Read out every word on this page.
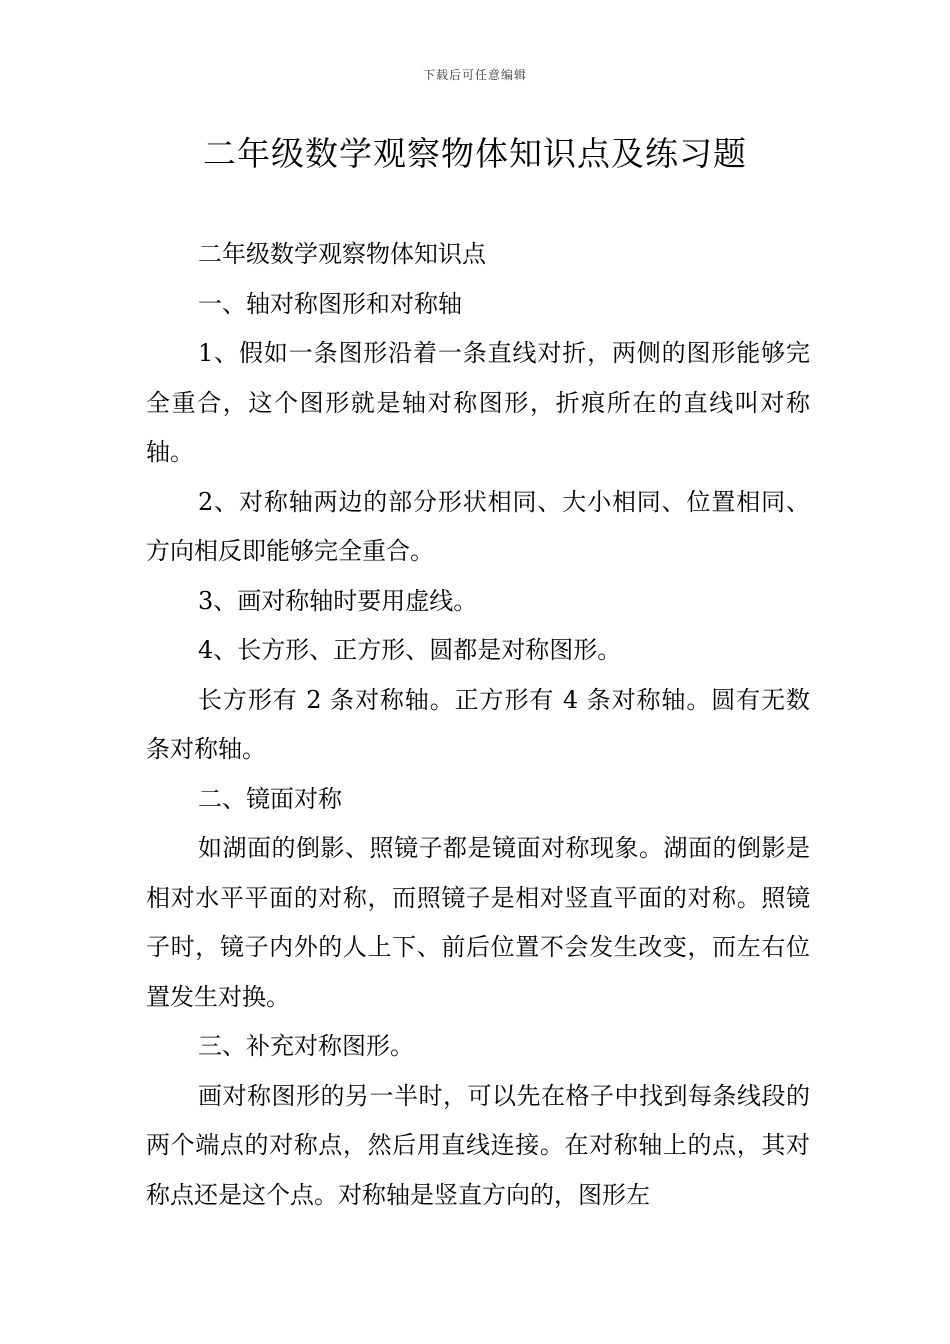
下载后可任意编辑
二年级数学观察物体知识点及练习题

二年级数学观察物体知识点

一、轴对称图形和对称轴

1、假如一条图形沿着一条直线对折，两侧的图形能够完全重合，这个图形就是轴对称图形，折痕所在的直线叫对称轴。

2、对称轴两边的部分形状相同、大小相同、位置相同、方向相反即能够完全重合。

3、画对称轴时要用虚线。

4、长方形、正方形、圆都是对称图形。

长方形有 2 条对称轴。正方形有 4 条对称轴。圆有无数条对称轴。

二、镜面对称

如湖面的倒影、照镜子都是镜面对称现象。湖面的倒影是相对水平平面的对称，而照镜子是相对竖直平面的对称。照镜子时，镜子内外的人上下、前后位置不会发生改变，而左右位置发生对换。

三、补充对称图形。

画对称图形的另一半时，可以先在格子中找到每条线段的两个端点的对称点，然后用直线连接。在对称轴上的点，其对称点还是这个点。对称轴是竖直方向的，图形左
